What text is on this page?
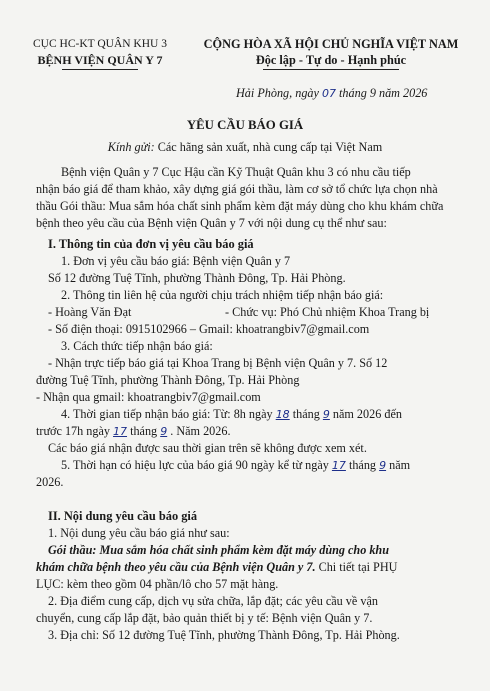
CỤC HC-KT QUÂN KHU 3
BỆNH VIỆN QUÂN Y 7
CỘNG HÒA XÃ HỘI CHỦ NGHĨA VIỆT NAM
Độc lập - Tự do - Hạnh phúc
Hải Phòng, ngày 07 tháng 9 năm 2026
YÊU CẦU BÁO GIÁ
Kính gửi: Các hãng sản xuất, nhà cung cấp tại Việt Nam
Bệnh viện Quân y 7 Cục Hậu cần Kỹ Thuật Quân khu 3 có nhu cầu tiếp
nhận báo giá để tham khảo, xây dựng giá gói thầu, làm cơ sở tổ chức lựa chọn nhà
thầu Gói thầu: Mua sắm hóa chất sinh phẩm kèm đặt máy dùng cho khu khám chữa
bệnh theo yêu cầu của Bệnh viện Quân y 7 với nội dung cụ thể như sau:
I. Thông tin của đơn vị yêu cầu báo giá
1. Đơn vị yêu cầu báo giá: Bệnh viện Quân y 7
Số 12 đường Tuệ Tĩnh, phường Thành Đông, Tp. Hải Phòng.
2. Thông tin liên hệ của người chịu trách nhiệm tiếp nhận báo giá:
- Hoàng Văn Đạt	- Chức vụ: Phó Chủ nhiệm Khoa Trang bị
- Số điện thoại: 0915102966 – Gmail: khoatrangbiv7@gmail.com
3. Cách thức tiếp nhận báo giá:
- Nhận trực tiếp báo giá tại Khoa Trang bị Bệnh viện Quân y 7. Số 12
đường Tuệ Tĩnh, phường Thành Đông, Tp. Hải Phòng
- Nhận qua gmail: khoatrangbiv7@gmail.com
4. Thời gian tiếp nhận báo giá: Từ: 8h ngày 18 tháng 9 năm 2026 đến
trước 17h ngày 17 tháng 9 . Năm 2026.
Các báo giá nhận được sau thời gian trên sẽ không được xem xét.
5. Thời hạn có hiệu lực của báo giá 90 ngày kể từ ngày 17 tháng 9 năm
2026.
II. Nội dung yêu cầu báo giá
1. Nội dung yêu cầu báo giá như sau:
Gói thầu: Mua sắm hóa chất sinh phẩm kèm đặt máy dùng cho khu
khám chữa bệnh theo yêu cầu của Bệnh viện Quân y 7. Chi tiết tại PHỤ
LỤC: kèm theo gồm 04 phần/lô cho 57 mặt hàng.
2. Địa điểm cung cấp, dịch vụ sửa chữa, lắp đặt; các yêu cầu về vận
chuyển, cung cấp lắp đặt, bảo quản thiết bị y tế: Bệnh viện Quân y 7.
3. Địa chỉ: Số 12 đường Tuệ Tĩnh, phường Thành Đông, Tp. Hải Phòng.
